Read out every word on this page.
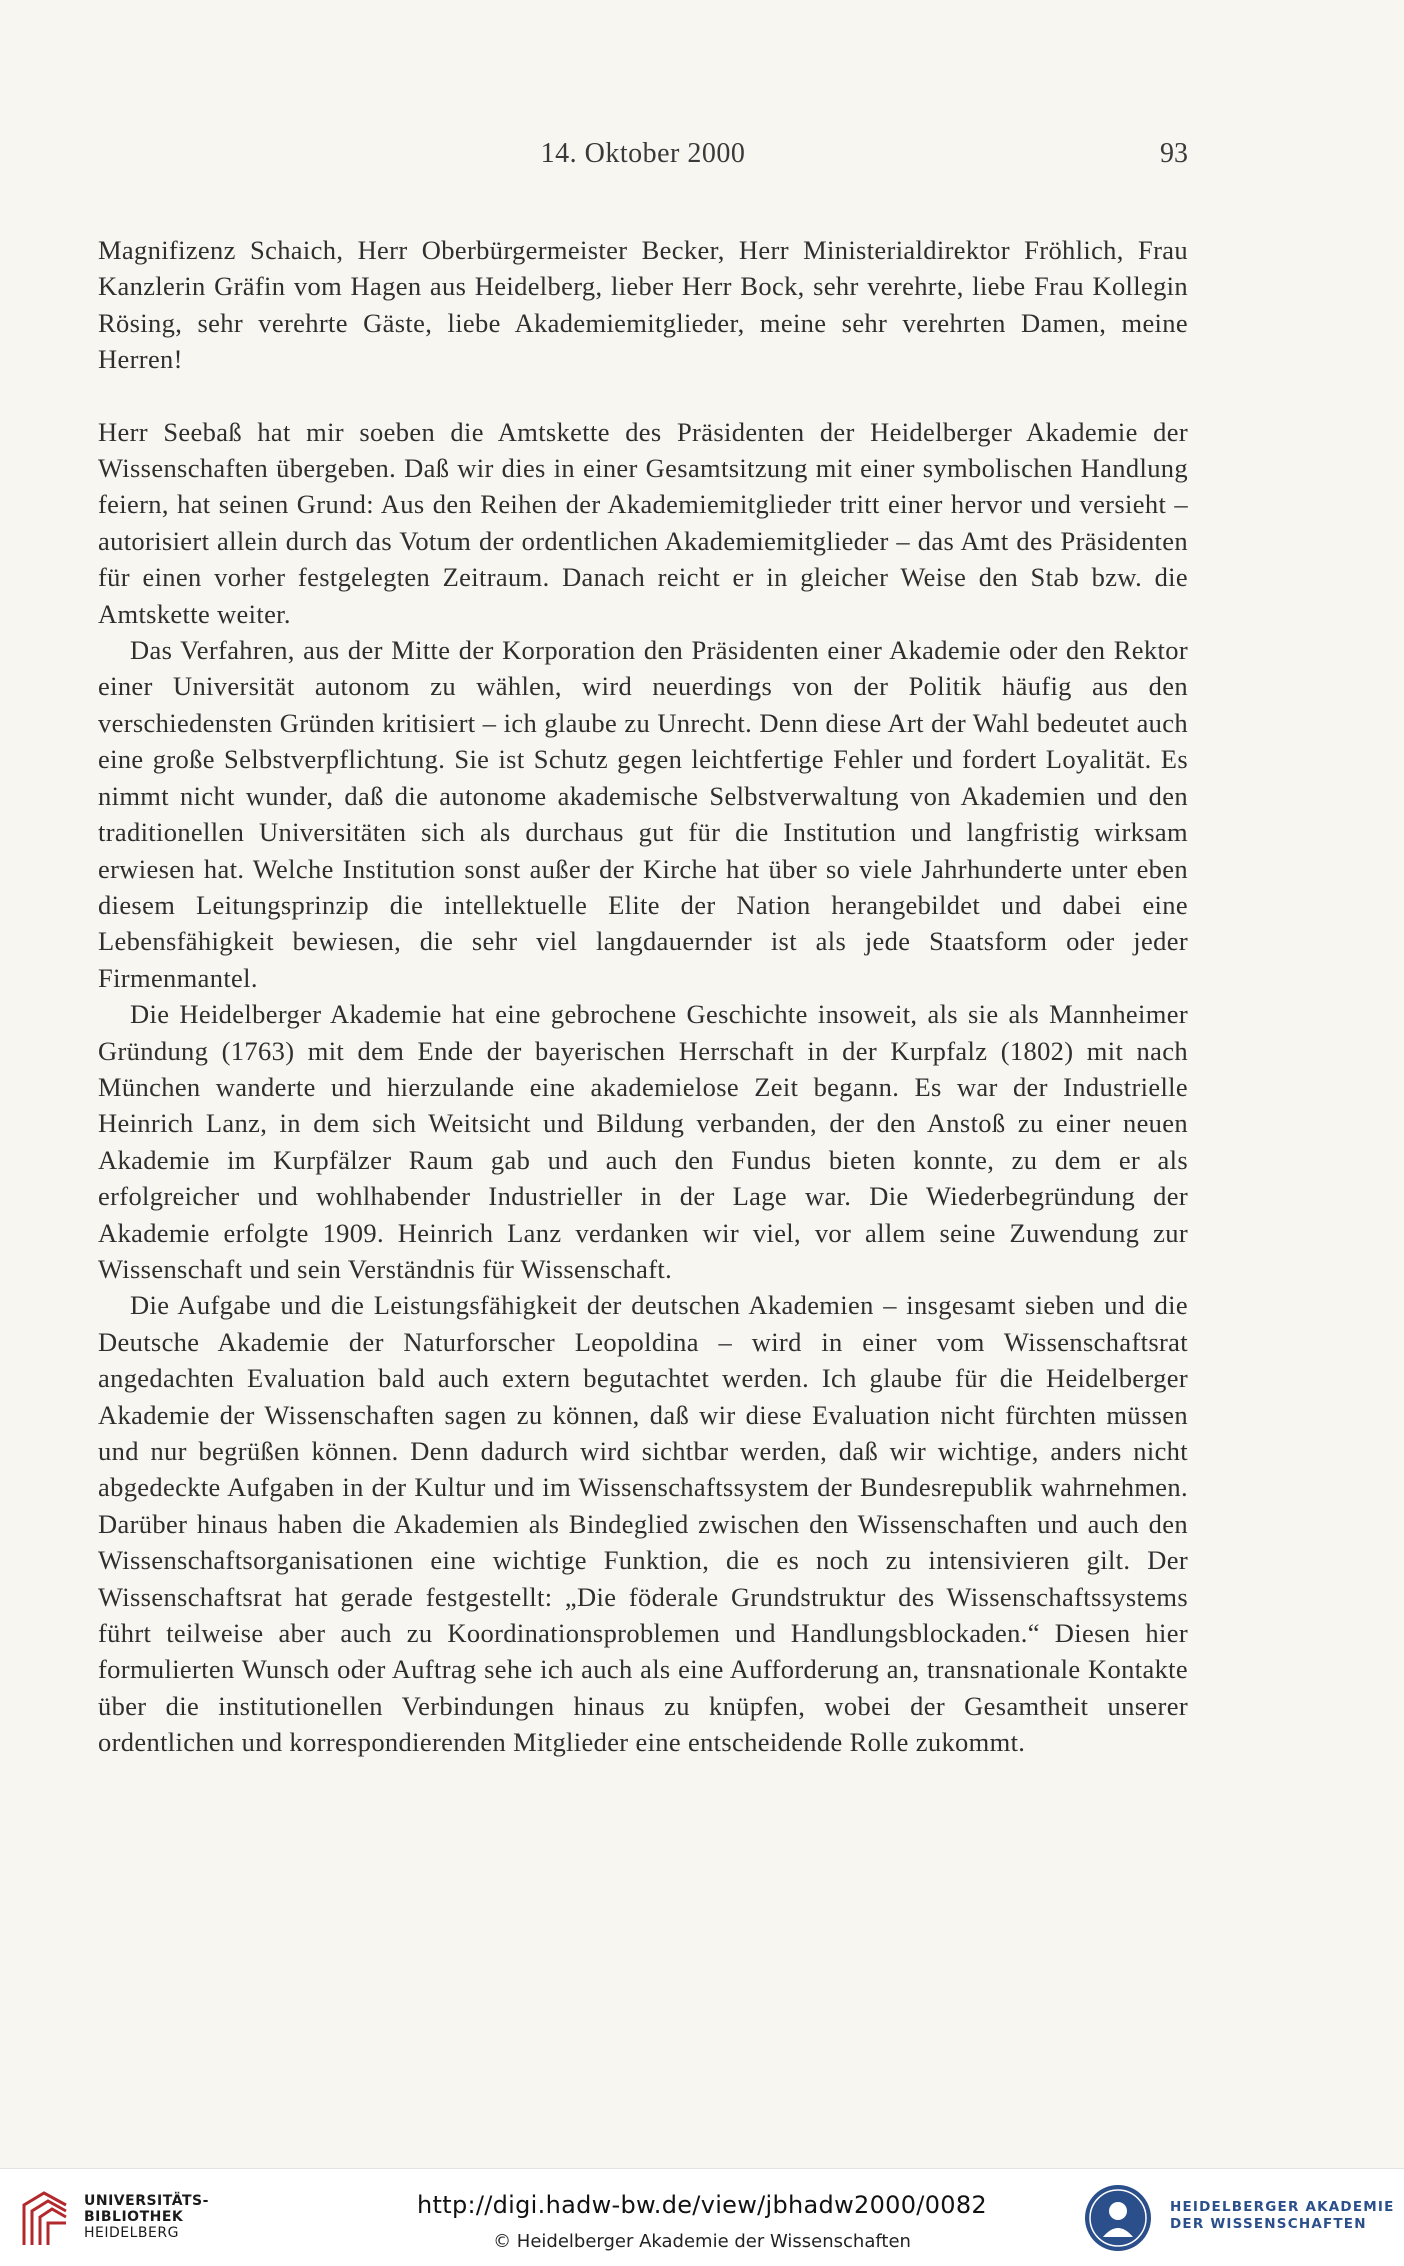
14. Oktober 2000	93

Magnifizenz Schaich, Herr Oberbürgermeister Becker, Herr Ministerialdirektor Fröhlich, Frau Kanzlerin Gräfin vom Hagen aus Heidelberg, lieber Herr Bock, sehr verehrte, liebe Frau Kollegin Rösing, sehr verehrte Gäste, liebe Akademiemitglieder, meine sehr verehrten Damen, meine Herren!

Herr Seebaß hat mir soeben die Amtskette des Präsidenten der Heidelberger Akademie der Wissenschaften übergeben. Daß wir dies in einer Gesamtsitzung mit einer symbolischen Handlung feiern, hat seinen Grund: Aus den Reihen der Akademiemitglieder tritt einer hervor und versieht – autorisiert allein durch das Votum der ordentlichen Akademiemitglieder – das Amt des Präsidenten für einen vorher festgelegten Zeitraum. Danach reicht er in gleicher Weise den Stab bzw. die Amtskette weiter.

Das Verfahren, aus der Mitte der Korporation den Präsidenten einer Akademie oder den Rektor einer Universität autonom zu wählen, wird neuerdings von der Politik häufig aus den verschiedensten Gründen kritisiert – ich glaube zu Unrecht. Denn diese Art der Wahl bedeutet auch eine große Selbstverpflichtung. Sie ist Schutz gegen leichtfertige Fehler und fordert Loyalität. Es nimmt nicht wunder, daß die autonome akademische Selbstverwaltung von Akademien und den traditionellen Universitäten sich als durchaus gut für die Institution und langfristig wirksam erwiesen hat. Welche Institution sonst außer der Kirche hat über so viele Jahrhunderte unter eben diesem Leitungsprinzip die intellektuelle Elite der Nation herangebildet und dabei eine Lebensfähigkeit bewiesen, die sehr viel langdauernder ist als jede Staatsform oder jeder Firmenmantel.

Die Heidelberger Akademie hat eine gebrochene Geschichte insoweit, als sie als Mannheimer Gründung (1763) mit dem Ende der bayerischen Herrschaft in der Kurpfalz (1802) mit nach München wanderte und hierzulande eine akademielose Zeit begann. Es war der Industrielle Heinrich Lanz, in dem sich Weitsicht und Bildung verbanden, der den Anstoß zu einer neuen Akademie im Kurpfälzer Raum gab und auch den Fundus bieten konnte, zu dem er als erfolgreicher und wohlhabender Industrieller in der Lage war. Die Wiederbegründung der Akademie erfolgte 1909. Heinrich Lanz verdanken wir viel, vor allem seine Zuwendung zur Wissenschaft und sein Verständnis für Wissenschaft.

Die Aufgabe und die Leistungsfähigkeit der deutschen Akademien – insgesamt sieben und die Deutsche Akademie der Naturforscher Leopoldina – wird in einer vom Wissenschaftsrat angedachten Evaluation bald auch extern begutachtet werden. Ich glaube für die Heidelberger Akademie der Wissenschaften sagen zu können, daß wir diese Evaluation nicht fürchten müssen und nur begrüßen können. Denn dadurch wird sichtbar werden, daß wir wichtige, anders nicht abgedeckte Aufgaben in der Kultur und im Wissenschaftssystem der Bundesrepublik wahrnehmen. Darüber hinaus haben die Akademien als Bindeglied zwischen den Wissenschaften und auch den Wissenschaftsorganisationen eine wichtige Funktion, die es noch zu intensivieren gilt. Der Wissenschaftsrat hat gerade festgestellt: „Die föderale Grundstruktur des Wissenschaftssystems führt teilweise aber auch zu Koordinationsproblemen und Handlungsblockaden.“ Diesen hier formulierten Wunsch oder Auftrag sehe ich auch als eine Aufforderung an, transnationale Kontakte über die institutionellen Verbindungen hinaus zu knüpfen, wobei der Gesamtheit unserer ordentlichen und korrespondierenden Mitglieder eine entscheidende Rolle zukommt.

UNIVERSITÄTS-
BIBLIOTHEK
HEIDELBERG
http://digi.hadw-bw.de/view/jbhadw2000/0082
© Heidelberger Akademie der Wissenschaften
HEIDELBERGER AKADEMIE
DER WISSENSCHAFTEN
